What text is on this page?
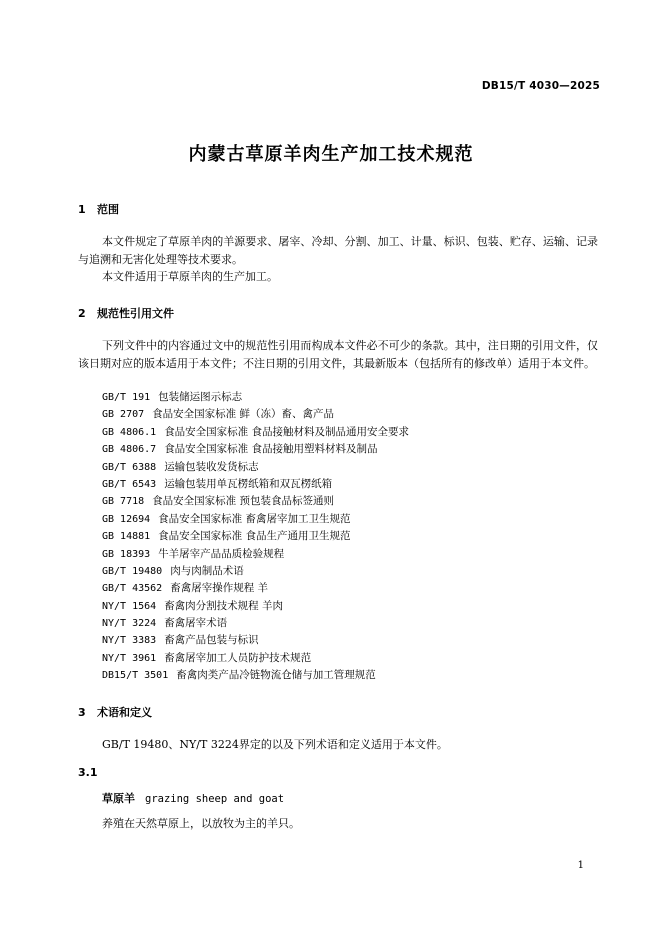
DB15/T 4030—2025
内蒙古草原羊肉生产加工技术规范
1 范围
本文件规定了草原羊肉的羊源要求、屠宰、冷却、分割、加工、计量、标识、包装、贮存、运输、记录与追溯和无害化处理等技术要求。
本文件适用于草原羊肉的生产加工。
2 规范性引用文件
下列文件中的内容通过文中的规范性引用而构成本文件必不可少的条款。其中，注日期的引用文件，仅该日期对应的版本适用于本文件；不注日期的引用文件，其最新版本（包括所有的修改单）适用于本文件。
GB/T 191 包装储运图示标志
GB 2707 食品安全国家标准 鲜（冻）畜、禽产品
GB 4806.1 食品安全国家标准 食品接触材料及制品通用安全要求
GB 4806.7 食品安全国家标准 食品接触用塑料材料及制品
GB/T 6388 运输包装收发货标志
GB/T 6543 运输包装用单瓦楞纸箱和双瓦楞纸箱
GB 7718 食品安全国家标准 预包装食品标签通则
GB 12694 食品安全国家标准 畜禽屠宰加工卫生规范
GB 14881 食品安全国家标准 食品生产通用卫生规范
GB 18393 牛羊屠宰产品品质检验规程
GB/T 19480 肉与肉制品术语
GB/T 43562 畜禽屠宰操作规程 羊
NY/T 1564 畜禽肉分割技术规程 羊肉
NY/T 3224 畜禽屠宰术语
NY/T 3383 畜禽产品包装与标识
NY/T 3961 畜禽屠宰加工人员防护技术规范
DB15/T 3501 畜禽肉类产品冷链物流仓储与加工管理规范
3 术语和定义
GB/T 19480、NY/T 3224界定的以及下列术语和定义适用于本文件。
3.1
草原羊 grazing sheep and goat
养殖在天然草原上，以放牧为主的羊只。
1
